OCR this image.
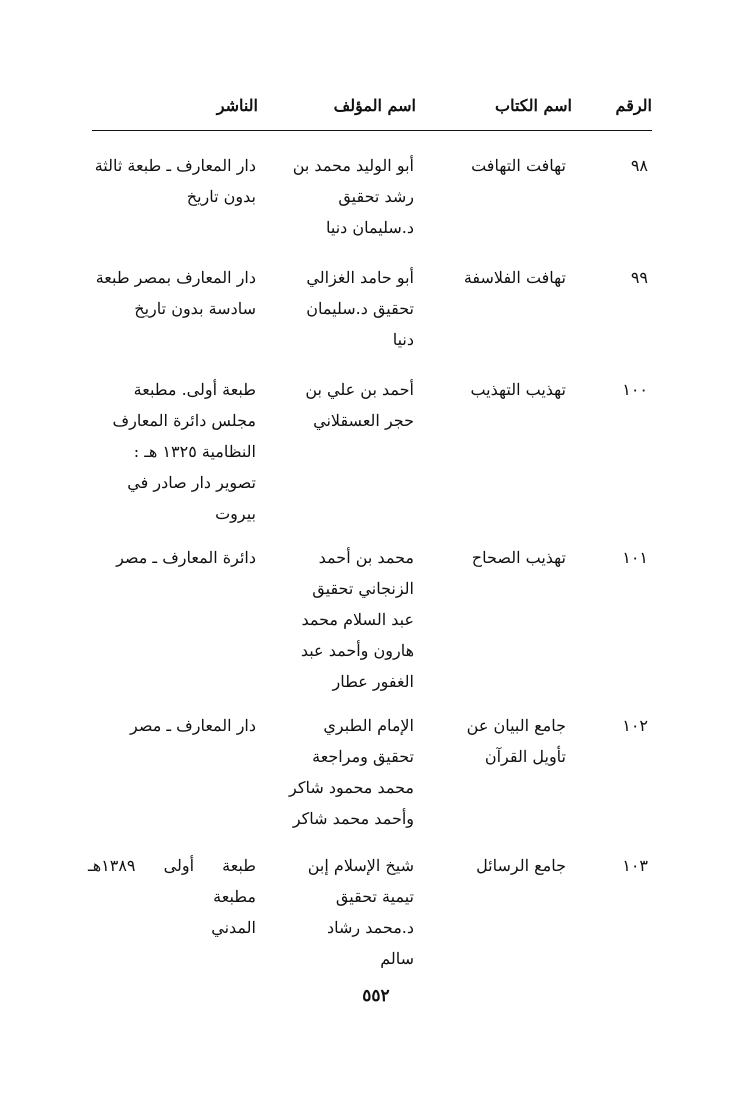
الرقم
اسم الكتاب
اسم المؤلف
الناشر
٩٨
تهافت التهافت
أبو الوليد محمد بن
رشد تحقيق
د.سليمان دنيا
دار المعارف ـ طبعة ثالثة
بدون تاريخ
٩٩
تهافت الفلاسفة
أبو حامد الغزالي
تحقيق د.سليمان
دنيا
دار المعارف بمصر طبعة
سادسة بدون تاريخ
١٠٠
تهذيب التهذيب
أحمد بن علي بن
حجر العسقلاني
طبعة أولى. مطبعة
مجلس دائرة المعارف
النظامية ١٣٢٥ هـ :
تصوير دار صادر في
بيروت
١٠١
تهذيب الصحاح
محمد بن أحمد
الزنجاني تحقيق
عبد السلام محمد
هارون وأحمد عبد
الغفور عطار
دائرة المعارف ـ مصر
١٠٢
جامع البيان عن
تأويل القرآن
الإمام الطبري
تحقيق ومراجعة
محمد محمود شاكر
وأحمد محمد شاكر
دار المعارف ـ مصر
١٠٣
جامع الرسائل
شيخ الإسلام إبن
تيمية تحقيق
د.محمد رشاد
سالم
طبعة أولى ١٣٨٩هـ مطبعة
المدني
٥٥٢
